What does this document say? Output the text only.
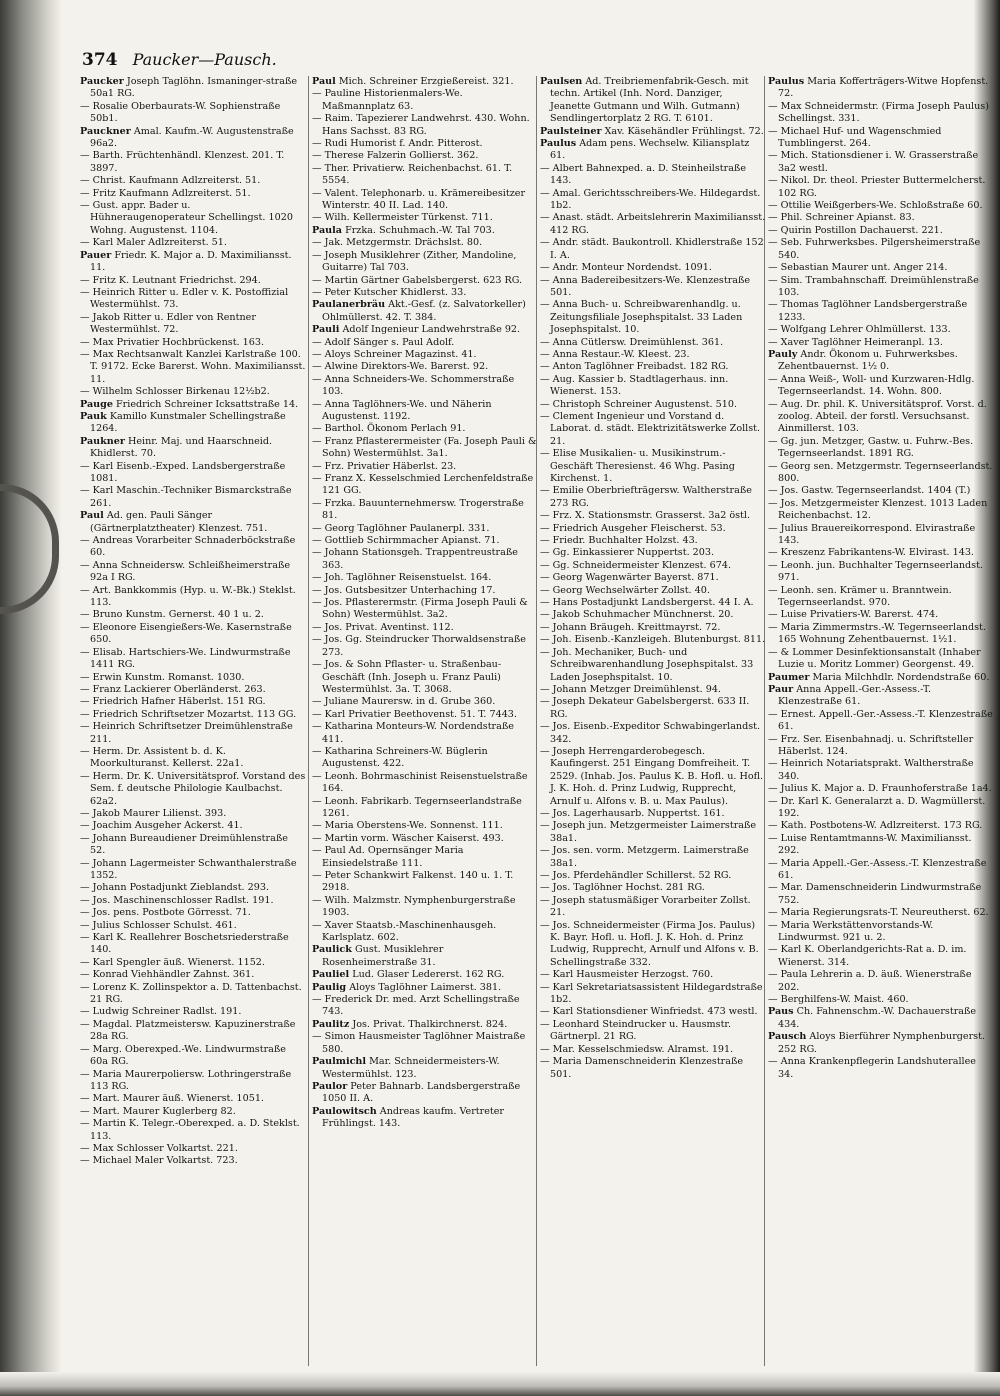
374 Paucker—Pausch.

Paucker Joseph Taglöhn. Ismaninger-straße 50a1 RG.

— Rosalie Oberbaurats-W. Sophienstraße 50b1.

Pauckner Amal. Kaufm.-W. Augustenstraße 96a2.

— Barth. Früchtenhändl. Klenzest. 201. T. 3897.

— Christ. Kaufmann Adlzreiterst. 51.

— Fritz Kaufmann Adlzreiterst. 51.

— Gust. appr. Bader u. Hühneraugenoperateur Schellingst. 1020 Wohng. Augustenst. 1104.

— Karl Maler Adlzreiterst. 51.

Pauer Friedr. K. Major a. D. Maximiliansst. 11.

— Fritz K. Leutnant Friedrichst. 294.

— Heinrich Ritter u. Edler v. K. Postoffizial Westermühlst. 73.

— Jakob Ritter u. Edler von Rentner Westermühlst. 72.

— Max Privatier Hochbrückenst. 163.

— Max Rechtsanwalt Kanzlei Karlstraße 100. T. 9172. Ecke Barerst. Wohn. Maximiliansst. 11.

— Wilhelm Schlosser Birkenau 12½b2.

Pauge Friedrich Schreiner Icksattstraße 14.

Pauk Kamillo Kunstmaler Schellingstraße 1264.

Paukner Heinr. Maj. und Haarschneid. Khidlerst. 70.

— Karl Eisenb.-Exped. Landsbergerstraße 1081.

— Karl Maschin.-Techniker Bismarckstraße 261.

Paul Ad. gen. Pauli Sänger (Gärtnerplatztheater) Klenzest. 751.

— Andreas Vorarbeiter Schnaderböckstraße 60.

— Anna Schneidersw. Schleißheimerstraße 92a I RG.

— Art. Bankkommis (Hyp. u. W.-Bk.) Steklst. 113.

— Bruno Kunstm. Gernerst. 40 1 u. 2.

— Eleonore Eisengießers-We. Kasernstraße 650.

— Elisab. Hartschiers-We. Lindwurmstraße 1411 RG.

— Erwin Kunstm. Romanst. 1030.

— Franz Lackierer Oberländerst. 263.

— Friedrich Hafner Häberlst. 151 RG.

— Friedrich Schriftsetzer Mozartst. 113 GG.

— Heinrich Schriftsetzer Dreimühlenstraße 211.

— Herm. Dr. Assistent b. d. K. Moorkulturanst. Kellerst. 22a1.

— Herm. Dr. K. Universitätsprof. Vorstand des Sem. f. deutsche Philologie Kaulbachst. 62a2.

— Jakob Maurer Lilienst. 393.

— Joachim Ausgeher Ackerst. 41.

— Johann Bureaudiener Dreimühlenstraße 52.

— Johann Lagermeister Schwanthalerstraße 1352.

— Johann Postadjunkt Zieblandst. 293.

— Jos. Maschinenschlosser Radlst. 191.

— Jos. pens. Postbote Görresst. 71.

— Julius Schlosser Schulst. 461.

— Karl K. Reallehrer Boschetsriederstraße 140.

— Karl Spengler äuß. Wienerst. 1152.

— Konrad Viehhändler Zahnst. 361.

— Lorenz K. Zollinspektor a. D. Tattenbachst. 21 RG.

— Ludwig Schreiner Radlst. 191.

— Magdal. Platzmeistersw. Kapuzinerstraße 28a RG.

— Marg. Oberexped.-We. Lindwurmstraße 60a RG.

— Maria Maurerpoliersw. Lothringerstraße 113 RG.

— Mart. Maurer äuß. Wienerst. 1051.

— Mart. Maurer Kuglerberg 82.

— Martin K. Telegr.-Oberexped. a. D. Steklst. 113.

— Max Schlosser Volkartst. 221.

— Michael Maler Volkartst. 723.

Paul Mich. Schreiner Erzgießereist. 321.

— Pauline Historienmalers-We. Maßmannplatz 63.

— Raim. Tapezierer Landwehrst. 430. Wohn. Hans Sachsst. 83 RG.

— Rudi Humorist f. Andr. Pitterost.

— Therese Falzerin Gollierst. 362.

— Ther. Privatierw. Reichenbachst. 61. T. 5554.

— Valent. Telephonarb. u. Krämereibesitzer Winterstr. 40 II. Lad. 140.

— Wilh. Kellermeister Türkenst. 711.

Paula Frzka. Schuhmach.-W. Tal 703.

— Jak. Metzgermstr. Drächslst. 80.

— Joseph Musiklehrer (Zither, Mandoline, Guitarre) Tal 703.

— Martin Gärtner Gabelsbergerst. 623 RG.

— Peter Kutscher Khidlerst. 33.

Paulanerbräu Akt.-Gesf. (z. Salvatorkeller) Ohlmüllerst. 42. T. 384.

Pauli Adolf Ingenieur Landwehrstraße 92.

— Adolf Sänger s. Paul Adolf.

— Aloys Schreiner Magazinst. 41.

— Alwine Direktors-We. Barerst. 92.

— Anna Schneiders-We. Schommerstraße 103.

— Anna Taglöhners-We. und Näherin Augustenst. 1192.

— Barthol. Ökonom Perlach 91.

— Franz Pflasterermeister (Fa. Joseph Pauli & Sohn) Westermühlst. 3a1.

— Frz. Privatier Häberlst. 23.

— Franz X. Kesselschmied Lerchenfeldstraße 121 GG.

— Frzka. Bauunternehmersw. Trogerstraße 81.

— Georg Taglöhner Paulanerpl. 331.

— Gottlieb Schirmmacher Apianst. 71.

— Johann Stationsgeh. Trappentreustraße 363.

— Joh. Taglöhner Reisenstuelst. 164.

— Jos. Gutsbesitzer Unterhaching 17.

— Jos. Pflasterermstr. (Firma Joseph Pauli & Sohn) Westermühlst. 3a2.

— Jos. Privat. Aventinst. 112.

— Jos. Gg. Steindrucker Thorwaldsenstraße 273.

— Jos. & Sohn Pflaster- u. Straßenbau-Geschäft (Inh. Joseph u. Franz Pauli) Westermühlst. 3a. T. 3068.

— Juliane Maurersw. in d. Grube 360.

— Karl Privatier Beethovenst. 51. T. 7443.

— Katharina Monteurs-W. Nordendstraße 411.

— Katharina Schreiners-W. Büglerin Augustenst. 422.

— Leonh. Bohrmaschinist Reisenstuelstraße 164.

— Leonh. Fabrikarb. Tegernseerlandstraße 1261.

— Maria Oberstens-We. Sonnenst. 111.

— Martin vorm. Wäscher Kaiserst. 493.

— Paul Ad. Opernsänger Maria Einsiedelstraße 111.

— Peter Schankwirt Falkenst. 140 u. 1. T. 2918.

— Wilh. Malzmstr. Nymphenburgerstraße 1903.

— Xaver Staatsb.-Maschinenhausgeh. Karlsplatz. 602.

Paulick Gust. Musiklehrer Rosenheimerstraße 31.

Pauliel Lud. Glaser Ledererst. 162 RG.

Paulig Aloys Taglöhner Laimerst. 381.

— Frederick Dr. med. Arzt Schellingstraße 743.

Paulitz Jos. Privat. Thalkirchnerst. 824.

— Simon Hausmeister Taglöhner Maistraße 580.

Paulmichl Mar. Schneidermeisters-W. Westermühlst. 123.

Paulor Peter Bahnarb. Landsbergerstraße 1050 II. A.

Paulowitsch Andreas kaufm. Vertreter Frühlingst. 143.

Paulsen Ad. Treibriemenfabrik-Gesch. mit techn. Artikel (Inh. Nord. Danziger, Jeanette Gutmann und Wilh. Gutmann) Sendlingertorplatz 2 RG. T. 6101.

Paulsteiner Xav. Käsehändler Frühlingst. 72.

Paulus Adam pens. Wechselw. Kiliansplatz 61.

— Albert Bahnexped. a. D. Steinheilstraße 143.

— Amal. Gerichtsschreibers-We. Hildegardst. 1b2.

— Anast. städt. Arbeitslehrerin Maximiliansst. 412 RG.

— Andr. städt. Baukontroll. Khidlerstraße 152 I. A.

— Andr. Monteur Nordendst. 1091.

— Anna Badereibesitzers-We. Klenzestraße 501.

— Anna Buch- u. Schreibwarenhandlg. u. Zeitungsfiliale Josephspitalst. 33 Laden Josephspitalst. 10.

— Anna Cütlersw. Dreimühlenst. 361.

— Anna Restaur.-W. Kleest. 23.

— Anton Taglöhner Freibadst. 182 RG.

— Aug. Kassier b. Stadtlagerhaus. inn. Wienerst. 153.

— Christoph Schreiner Augustenst. 510.

— Clement Ingenieur und Vorstand d. Laborat. d. städt. Elektrizitätswerke Zollst. 21.

— Elise Musikalien- u. Musikinstrum.-Geschäft Theresienst. 46 Whg. Pasing Kirchenst. 1.

— Emilie Oberbriefträgersw. Waltherstraße 273 RG.

— Frz. X. Stationsmstr. Grasserst. 3a2 östl.

— Friedrich Ausgeher Fleischerst. 53.

— Friedr. Buchhalter Holzst. 43.

— Gg. Einkassierer Nuppertst. 203.

— Gg. Schneidermeister Klenzest. 674.

— Georg Wagenwärter Bayerst. 871.

— Georg Wechselwärter Zollst. 40.

— Hans Postadjunkt Landsbergerst. 44 I. A.

— Jakob Schuhmacher Münchnerst. 20.

— Johann Bräugeh. Kreittmayrst. 72.

— Joh. Eisenb.-Kanzleigeh. Blutenburgst. 811.

— Joh. Mechaniker, Buch- und Schreibwarenhandlung Josephspitalst. 33 Laden Josephspitalst. 10.

— Johann Metzger Dreimühlenst. 94.

— Joseph Dekateur Gabelsbergerst. 633 II. RG.

— Jos. Eisenb.-Expeditor Schwabingerlandst. 342.

— Joseph Herrengarderobegesch. Kaufingerst. 251 Eingang Domfreiheit. T. 2529. (Inhab. Jos. Paulus K. B. Hofl. u. Hofl. J. K. Hoh. d. Prinz Ludwig, Rupprecht, Arnulf u. Alfons v. B. u. Max Paulus).

— Jos. Lagerhausarb. Nuppertst. 161.

— Joseph jun. Metzgermeister Laimerstraße 38a1.

— Jos. sen. vorm. Metzgerm. Laimerstraße 38a1.

— Jos. Pferdehändler Schillerst. 52 RG.

— Jos. Taglöhner Hochst. 281 RG.

— Joseph statusmäßiger Vorarbeiter Zollst. 21.

— Jos. Schneidermeister (Firma Jos. Paulus) K. Bayr. Hofl. u. Hofl. J. K. Hoh. d. Prinz Ludwig, Rupprecht, Arnulf und Alfons v. B. Schellingstraße 332.

— Karl Hausmeister Herzogst. 760.

— Karl Sekretariatsassistent Hildegardstraße 1b2.

— Karl Stationsdiener Winfriedst. 473 westl.

— Leonhard Steindrucker u. Hausmstr. Gärtnerpl. 21 RG.

— Mar. Kesselschmiedsw. Alramst. 191.

— Maria Damenschneiderin Klenzestraße 501.

Paulus Maria Kofferträgers-Witwe Hopfenst. 72.

— Max Schneidermstr. (Firma Joseph Paulus) Schellingst. 331.

— Michael Huf- und Wagenschmied Tumblingerst. 264.

— Mich. Stationsdiener i. W. Grasserstraße 3a2 westl.

— Nikol. Dr. theol. Priester Buttermelcherst. 102 RG.

— Ottilie Weißgerbers-We. Schloßstraße 60.

— Phil. Schreiner Apianst. 83.

— Quirin Postillon Dachauerst. 221.

— Seb. Fuhrwerksbes. Pilgersheimerstraße 540.

— Sebastian Maurer unt. Anger 214.

— Sim. Trambahnschaff. Dreimühlenstraße 103.

— Thomas Taglöhner Landsbergerstraße 1233.

— Wolfgang Lehrer Ohlmüllerst. 133.

— Xaver Taglöhner Heimeranpl. 13.

Pauly Andr. Ökonom u. Fuhrwerksbes. Zehentbauernst. 1½ 0.

— Anna Weiß-, Woll- und Kurzwaren-Hdlg. Tegernseerlandst. 14. Wohn. 800.

— Aug. Dr. phil. K. Universitätsprof. Vorst. d. zoolog. Abteil. der forstl. Versuchsanst. Ainmillerst. 103.

— Gg. jun. Metzger, Gastw. u. Fuhrw.-Bes. Tegernseerlandst. 1891 RG.

— Georg sen. Metzgermstr. Tegernseerlandst. 800.

— Jos. Gastw. Tegernseerlandst. 1404 (T.)

— Jos. Metzgermeister Klenzest. 1013 Laden Reichenbachst. 12.

— Julius Brauereikorrespond. Elvirastraße 143.

— Kreszenz Fabrikantens-W. Elvirast. 143.

— Leonh. jun. Buchhalter Tegernseerlandst. 971.

— Leonh. sen. Krämer u. Branntwein. Tegernseerlandst. 970.

— Luise Privatiers-W. Barerst. 474.

— Maria Zimmermstrs.-W. Tegernseerlandst. 165 Wohnung Zehentbauernst. 1½1.

— & Lommer Desinfektionsanstalt (Inhaber Luzie u. Moritz Lommer) Georgenst. 49.

Paumer Maria Milchhdlr. Nordendstraße 60.

Paur Anna Appell.-Ger.-Assess.-T. Klenzestraße 61.

— Ernest. Appell.-Ger.-Assess.-T. Klenzestraße 61.

— Frz. Ser. Eisenbahnadj. u. Schriftsteller Häberlst. 124.

— Heinrich Notariatsprakt. Waltherstraße 340.

— Julius K. Major a. D. Fraunhoferstraße 1a4.

— Dr. Karl K. Generalarzt a. D. Wagmüllerst. 192.

— Kath. Postbotens-W. Adlzreiterst. 173 RG.

— Luise Rentamtmanns-W. Maximiliansst. 292.

— Maria Appell.-Ger.-Assess.-T. Klenzestraße 61.

— Mar. Damenschneiderin Lindwurmstraße 752.

— Maria Regierungsrats-T. Neureutherst. 62.

— Maria Werkstättenvorstands-W. Lindwurmst. 921 u. 2.

— Karl K. Oberlandgerichts-Rat a. D. im. Wienerst. 314.

— Paula Lehrerin a. D. äuß. Wienerstraße 202.

— Berghilfens-W. Maist. 460.

Paus Ch. Fahnenschm.-W. Dachauerstraße 434.

Pausch Aloys Bierführer Nymphenburgerst. 252 RG.

— Anna Krankenpflegerin Landshuterallee 34.
